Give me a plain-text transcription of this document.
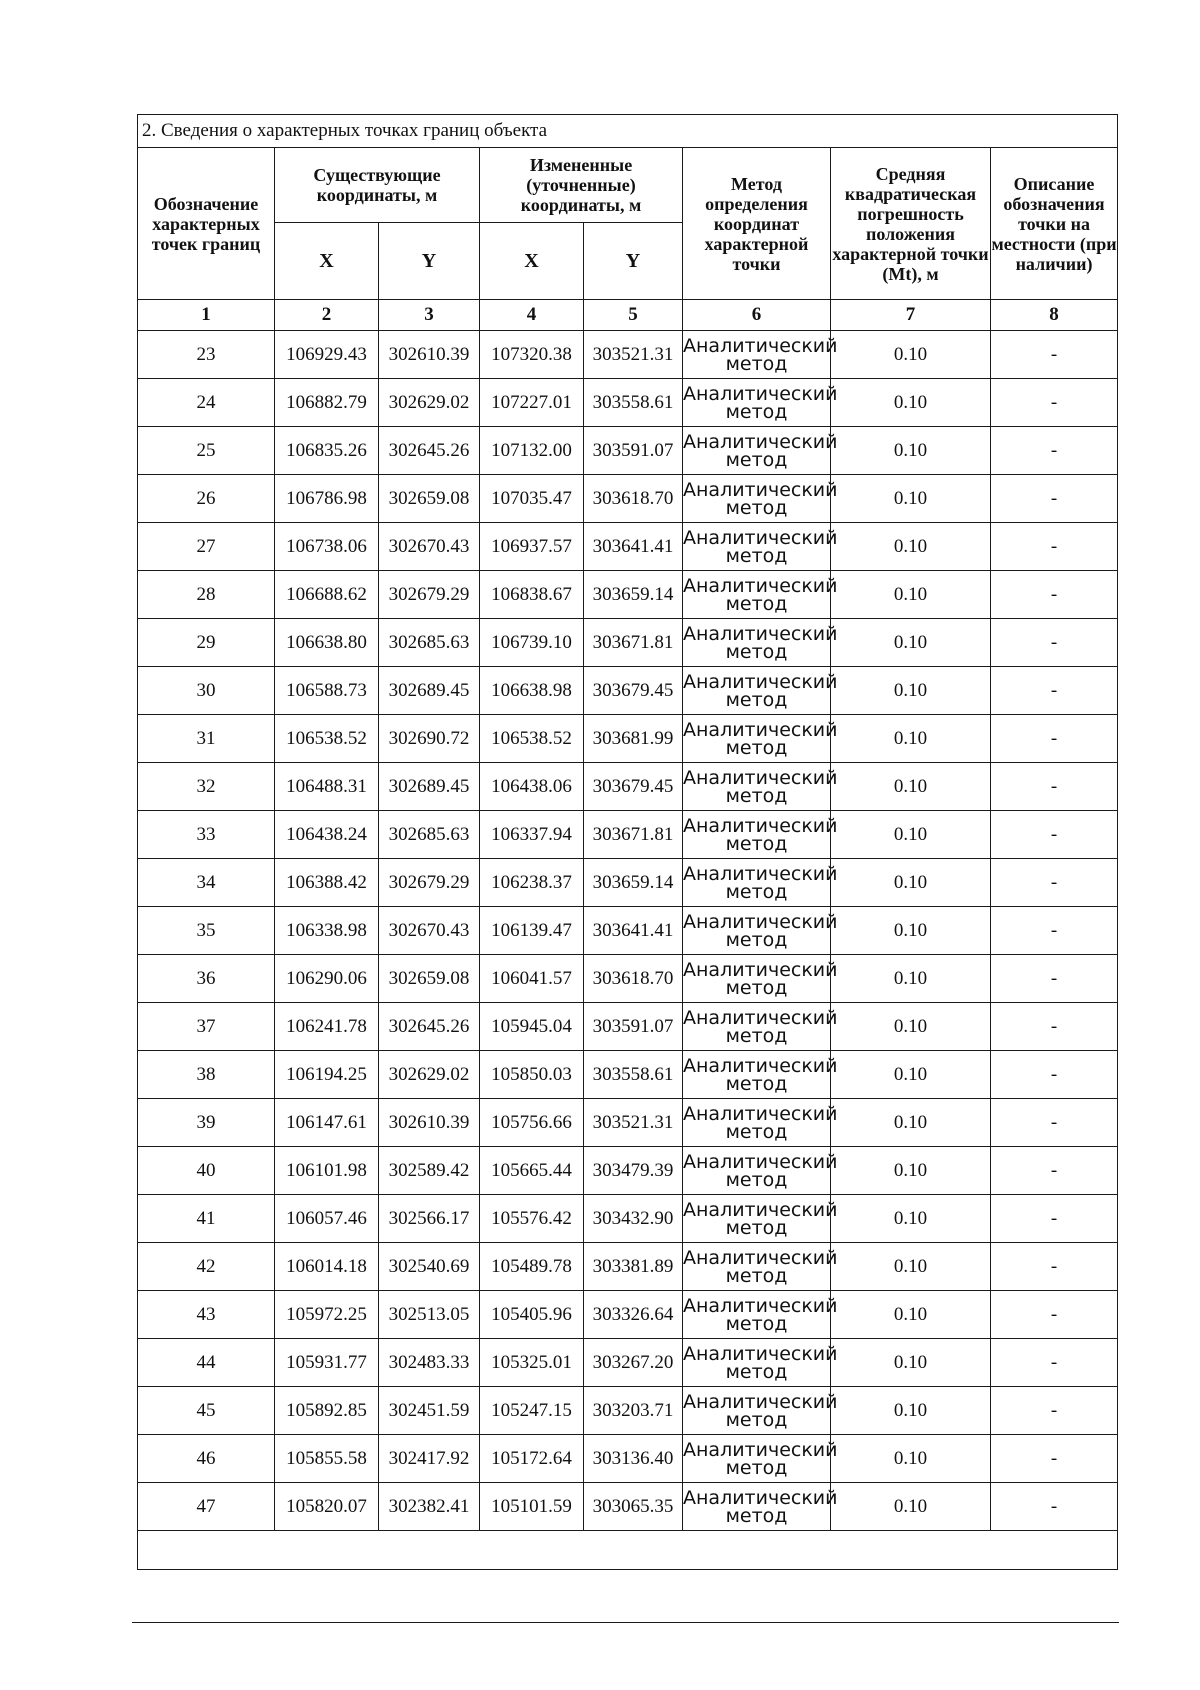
2. Сведения о характерных точках границ объекта							
Обозначение характерных точек границ	Существующие координаты, м		Измененные (уточненные) координаты, м		Метод определения координат характерной точки	Средняя квадратическая погрешность положения характерной точки (Mt), м	Описание обозначения точки на местности (при наличии)
	X	Y	X	Y			
1	2	3	4	5	6	7	8
23	106929.43	302610.39	107320.38	303521.31	Аналитический метод	0.10	-
24	106882.79	302629.02	107227.01	303558.61	Аналитический метод	0.10	-
25	106835.26	302645.26	107132.00	303591.07	Аналитический метод	0.10	-
26	106786.98	302659.08	107035.47	303618.70	Аналитический метод	0.10	-
27	106738.06	302670.43	106937.57	303641.41	Аналитический метод	0.10	-
28	106688.62	302679.29	106838.67	303659.14	Аналитический метод	0.10	-
29	106638.80	302685.63	106739.10	303671.81	Аналитический метод	0.10	-
30	106588.73	302689.45	106638.98	303679.45	Аналитический метод	0.10	-
31	106538.52	302690.72	106538.52	303681.99	Аналитический метод	0.10	-
32	106488.31	302689.45	106438.06	303679.45	Аналитический метод	0.10	-
33	106438.24	302685.63	106337.94	303671.81	Аналитический метод	0.10	-
34	106388.42	302679.29	106238.37	303659.14	Аналитический метод	0.10	-
35	106338.98	302670.43	106139.47	303641.41	Аналитический метод	0.10	-
36	106290.06	302659.08	106041.57	303618.70	Аналитический метод	0.10	-
37	106241.78	302645.26	105945.04	303591.07	Аналитический метод	0.10	-
38	106194.25	302629.02	105850.03	303558.61	Аналитический метод	0.10	-
39	106147.61	302610.39	105756.66	303521.31	Аналитический метод	0.10	-
40	106101.98	302589.42	105665.44	303479.39	Аналитический метод	0.10	-
41	106057.46	302566.17	105576.42	303432.90	Аналитический метод	0.10	-
42	106014.18	302540.69	105489.78	303381.89	Аналитический метод	0.10	-
43	105972.25	302513.05	105405.96	303326.64	Аналитический метод	0.10	-
44	105931.77	302483.33	105325.01	303267.20	Аналитический метод	0.10	-
45	105892.85	302451.59	105247.15	303203.71	Аналитический метод	0.10	-
46	105855.58	302417.92	105172.64	303136.40	Аналитический метод	0.10	-
47	105820.07	302382.41	105101.59	303065.35	Аналитический метод	0.10	-
